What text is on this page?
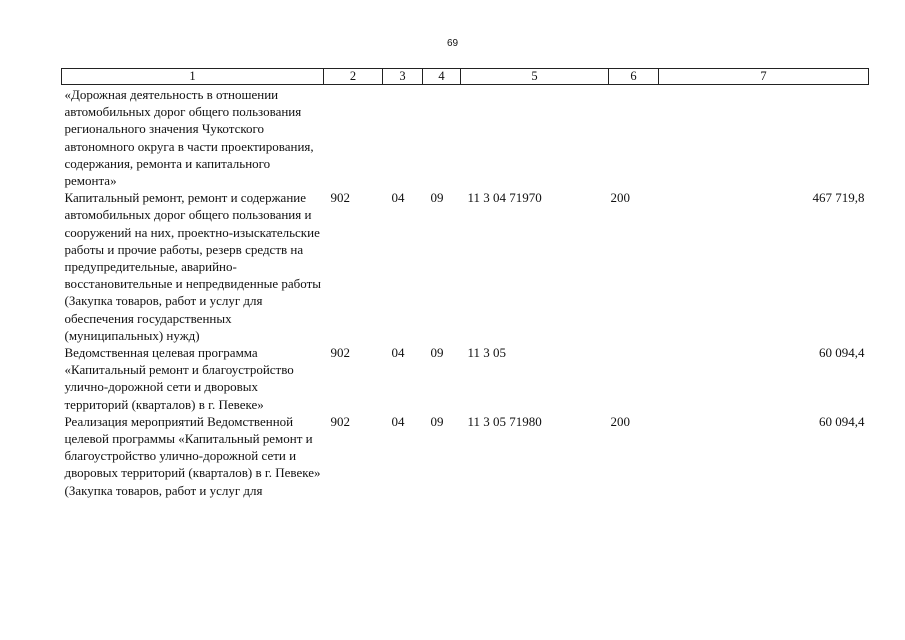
69
1	2	3	4	5	6	7
«Дорожная деятельность в отношении автомобильных дорог общего пользования регионального значения Чукотского автономного округа в части проектирования, содержания, ремонта и капитального ремонта»						
Капитальный ремонт, ремонт и содержание автомобильных дорог общего пользования и сооружений на них, проектно-изыскательские работы и прочие работы, резерв средств на предупредительные, аварийно-восстановительные и непредвиденные работы (Закупка товаров, работ и услуг для обеспечения государственных (муниципальных) нужд)	902	04	09	11 3 04 71970	200	467 719,8
Ведомственная целевая программа «Капитальный ремонт и благоустройство улично-дорожной сети и дворовых территорий (кварталов) в г. Певеке»	902	04	09	11 3 05		60 094,4
Реализация мероприятий Ведомственной целевой программы «Капитальный ремонт и благоустройство улично-дорожной сети и дворовых территорий (кварталов) в г. Певеке» (Закупка товаров, работ и услуг для	902	04	09	11 3 05 71980	200	60 094,4
